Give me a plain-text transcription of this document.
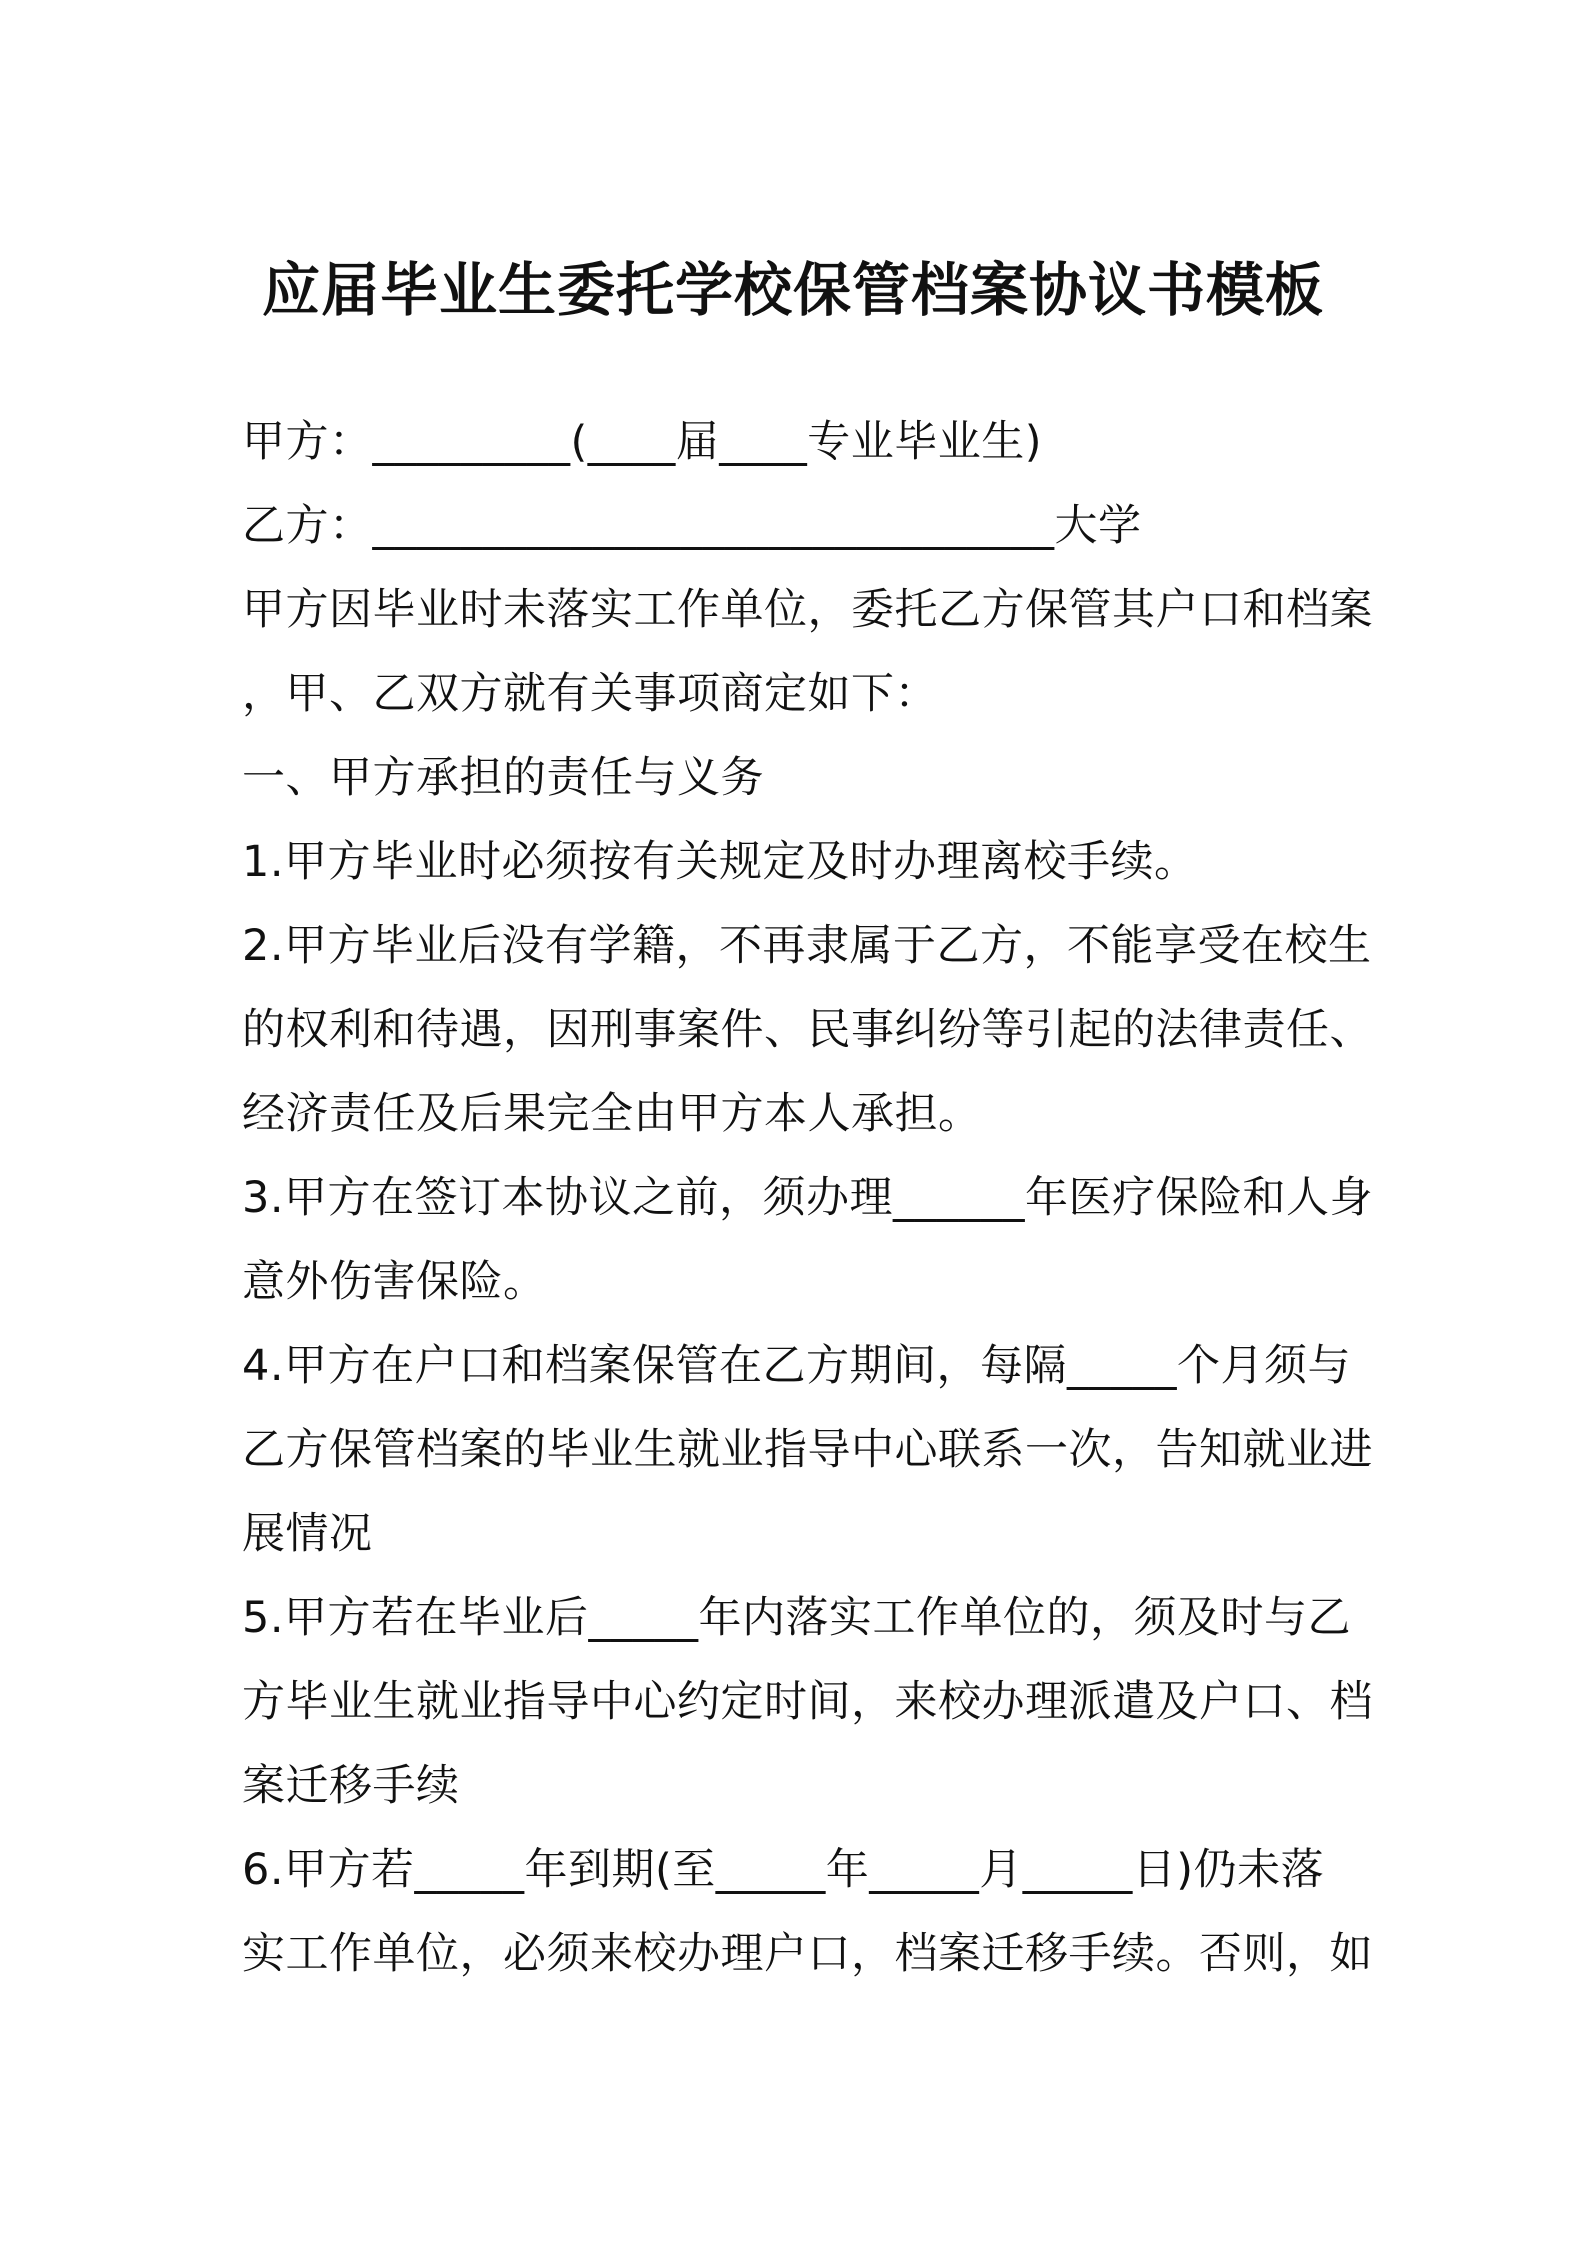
应届毕业生委托学校保管档案协议书模板
甲方：_________(____届____专业毕业生)
乙方：_______________________________大学
甲方因毕业时未落实工作单位，委托乙方保管其户口和档案
，甲、乙双方就有关事项商定如下：
一、甲方承担的责任与义务
1.甲方毕业时必须按有关规定及时办理离校手续。
2.甲方毕业后没有学籍，不再隶属于乙方，不能享受在校生
的权利和待遇，因刑事案件、民事纠纷等引起的法律责任、
经济责任及后果完全由甲方本人承担。
3.甲方在签订本协议之前，须办理______年医疗保险和人身
意外伤害保险。
4.甲方在户口和档案保管在乙方期间，每隔_____个月须与
乙方保管档案的毕业生就业指导中心联系一次，告知就业进
展情况
5.甲方若在毕业后_____年内落实工作单位的，须及时与乙
方毕业生就业指导中心约定时间，来校办理派遣及户口、档
案迁移手续
6.甲方若_____年到期(至_____年_____月_____日)仍未落
实工作单位，必须来校办理户口，档案迁移手续。否则，如
